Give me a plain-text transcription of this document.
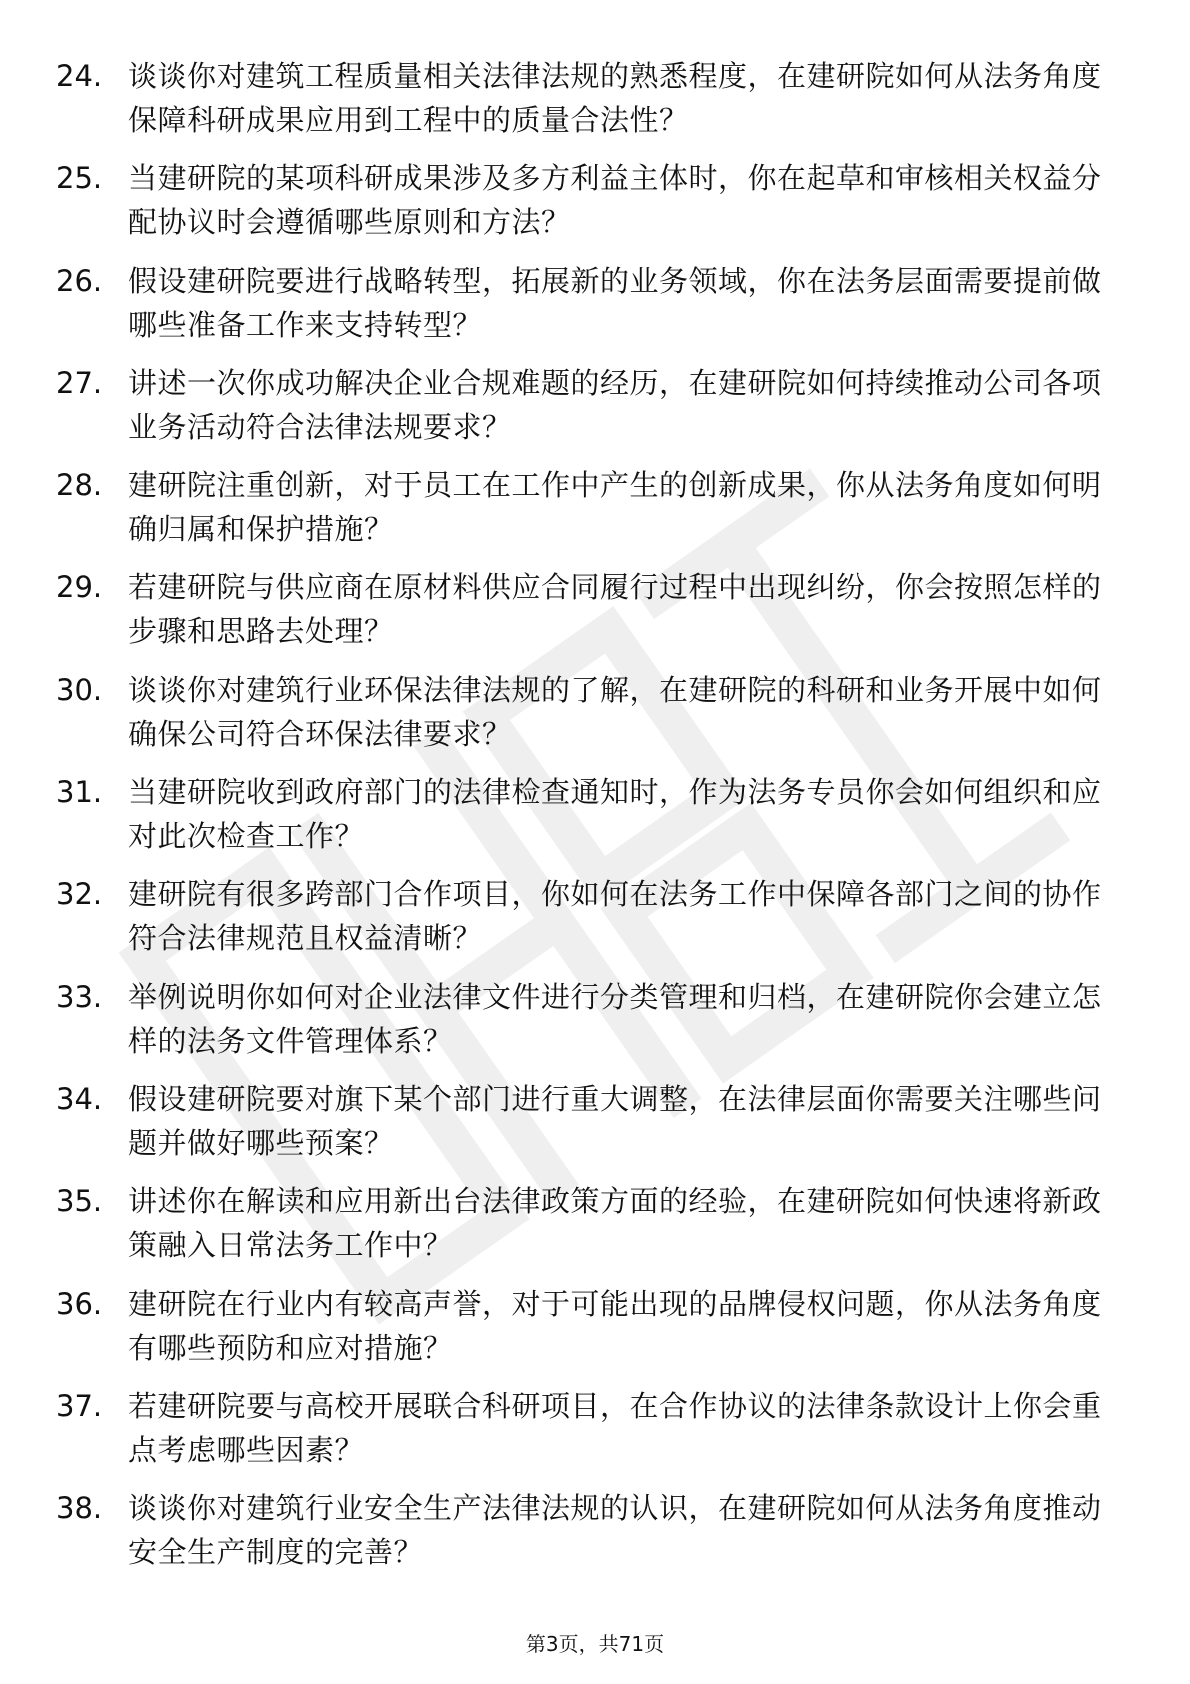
24. 谈谈你对建筑工程质量相关法律法规的熟悉程度，在建研院如何从法务角度保障科研成果应用到工程中的质量合法性？
25. 当建研院的某项科研成果涉及多方利益主体时，你在起草和审核相关权益分配协议时会遵循哪些原则和方法？
26. 假设建研院要进行战略转型，拓展新的业务领域，你在法务层面需要提前做哪些准备工作来支持转型？
27. 讲述一次你成功解决企业合规难题的经历，在建研院如何持续推动公司各项业务活动符合法律法规要求？
28. 建研院注重创新，对于员工在工作中产生的创新成果，你从法务角度如何明确归属和保护措施？
29. 若建研院与供应商在原材料供应合同履行过程中出现纠纷，你会按照怎样的步骤和思路去处理？
30. 谈谈你对建筑行业环保法律法规的了解，在建研院的科研和业务开展中如何确保公司符合环保法律要求？
31. 当建研院收到政府部门的法律检查通知时，作为法务专员你会如何组织和应对此次检查工作？
32. 建研院有很多跨部门合作项目，你如何在法务工作中保障各部门之间的协作符合法律规范且权益清晰？
33. 举例说明你如何对企业法律文件进行分类管理和归档，在建研院你会建立怎样的法务文件管理体系？
34. 假设建研院要对旗下某个部门进行重大调整，在法律层面你需要关注哪些问题并做好哪些预案？
35. 讲述你在解读和应用新出台法律政策方面的经验，在建研院如何快速将新政策融入日常法务工作中？
36. 建研院在行业内有较高声誉，对于可能出现的品牌侵权问题，你从法务角度有哪些预防和应对措施？
37. 若建研院要与高校开展联合科研项目，在合作协议的法律条款设计上你会重点考虑哪些因素？
38. 谈谈你对建筑行业安全生产法律法规的认识，在建研院如何从法务角度推动安全生产制度的完善？
第3页，共71页
